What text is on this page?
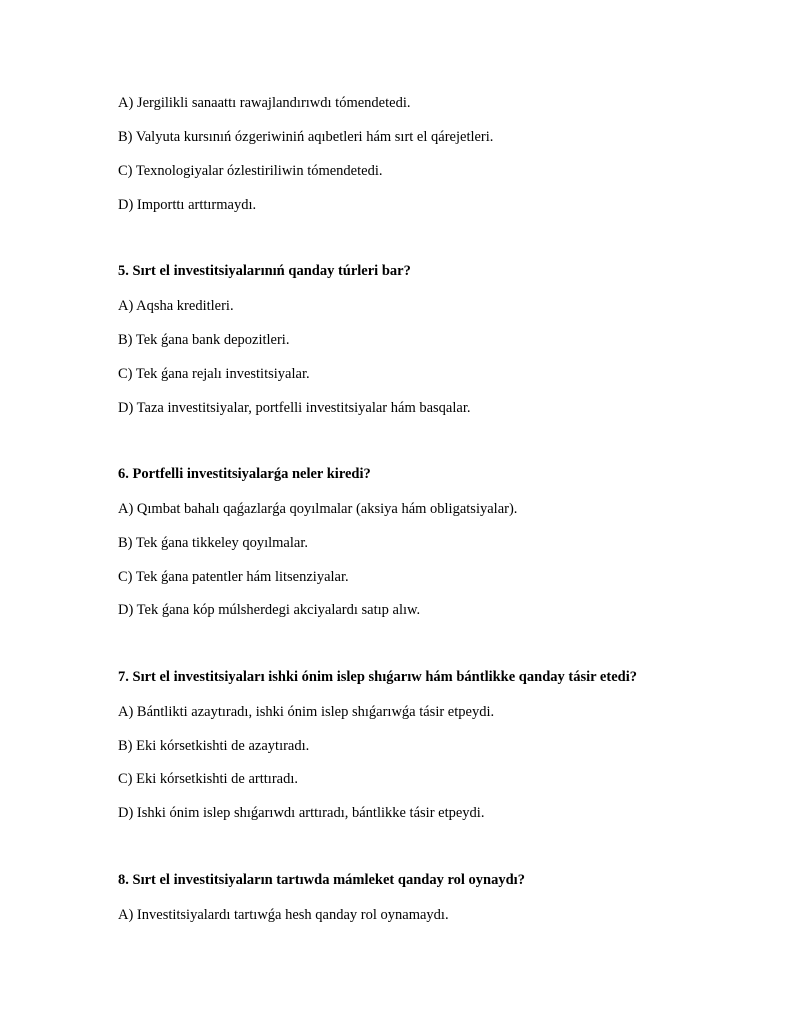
A) Jergilikli sanaattı rawajlandırıwdı tómendetedi.
B) Valyuta kursınıń ózgeriwiniń aqıbetleri hám sırt el qárejetleri.
C) Texnologiyalar ózlestiriliwin tómendetedi.
D) Importtı arttırmaydı.
5. Sırt el investitsiyalarınıń qanday túrleri bar?
A) Aqsha kreditleri.
B) Tek ǵana bank depozitleri.
C) Tek ǵana rejalı investitsiyalar.
D) Taza investitsiyalar, portfelli investitsiyalar hám basqalar.
6. Portfelli investitsiyalarǵa neler kiredi?
A) Qımbat bahalı qaǵazlarǵa qoyılmalar (aksiya hám obligatsiyalar).
B) Tek ǵana tikkeley qoyılmalar.
C) Tek ǵana patentler hám litsenziyalar.
D) Tek ǵana kóp múlsherdegi akciyalardı satıp alıw.
7. Sırt el investitsiyaları ishki ónim islep shıǵarıw hám bántlikke qanday tásir etedi?
A) Bántlikti azaytıradı, ishki ónim islep shıǵarıwǵa tásir etpeydi.
B) Eki kórsetkishti de azaytıradı.
C) Eki kórsetkishti de arttıradı.
D) Ishki ónim islep shıǵarıwdı arttıradı, bántlikke tásir etpeydi.
8. Sırt el investitsiyaların tartıwda mámleket qanday rol oynaydı?
A) Investitsiyalardı tartıwǵa hesh qanday rol oynamaydı.
